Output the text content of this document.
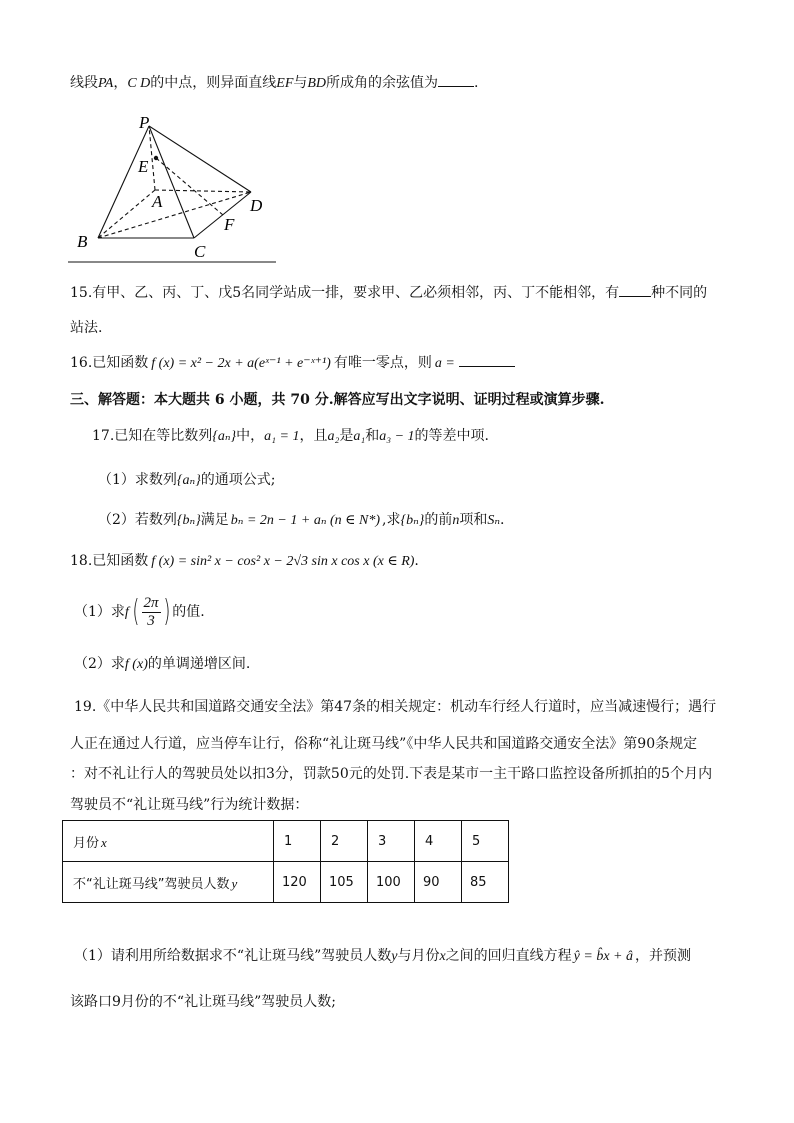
线段PA，C D的中点，则异面直线EF与BD所成角的余弦值为	.
P
E
A	D
F
B
C
15.有甲、乙、丙、丁、戊5名同学站成一排，要求甲、乙必须相邻，丙、丁不能相邻，有 种不同的
站法.
16.已知函数 f (x) = x² − 2x + a(eˣ⁻¹ + e⁻ˣ⁺¹) 有唯一零点，则 a =
三、解答题：本大题共 6 小题，共 70 分.解答应写出文字说明、证明过程或演算步骤.
17.已知在等比数列{aₙ}中，a₁ = 1，且a₂是a₁和a₃ − 1的等差中项.
（1）求数列{aₙ}的通项公式;
（2）若数列{bₙ}满足 bₙ = 2n − 1 + aₙ (n ∈ N*) ,求{bₙ}的前n项和Sₙ.
18.已知函数 f (x) = sin² x − cos² x − 2√3 sin x cos x (x ∈ R).
（1）求f ( $\frac{2\pi}{3}$ ) 的值.
（2）求f (x)的单调递增区间.
19.《中华人民共和国道路交通安全法》第47条的相关规定：机动车行经人行道时，应当减速慢行；遇行
人正在通过人行道，应当停车让行，俗称“礼让斑马线”《中华人民共和国道路交通安全法》第90条规定
：对不礼让行人的驾驶员处以扣3分，罚款50元的处罚.下表是某市一主干路口监控设备所抓拍的5个月内
驾驶员不“礼让斑马线”行为统计数据：
月份 x	1	2	3	4	5
不“礼让斑马线”驾驶员人数 y	120	105	100	90	85
（1）请利用所给数据求不“礼让斑马线”驾驶员人数y与月份x之间的回归直线方程 ŷ = b̂x + â ，并预测
该路口9月份的不“礼让斑马线”驾驶员人数;
